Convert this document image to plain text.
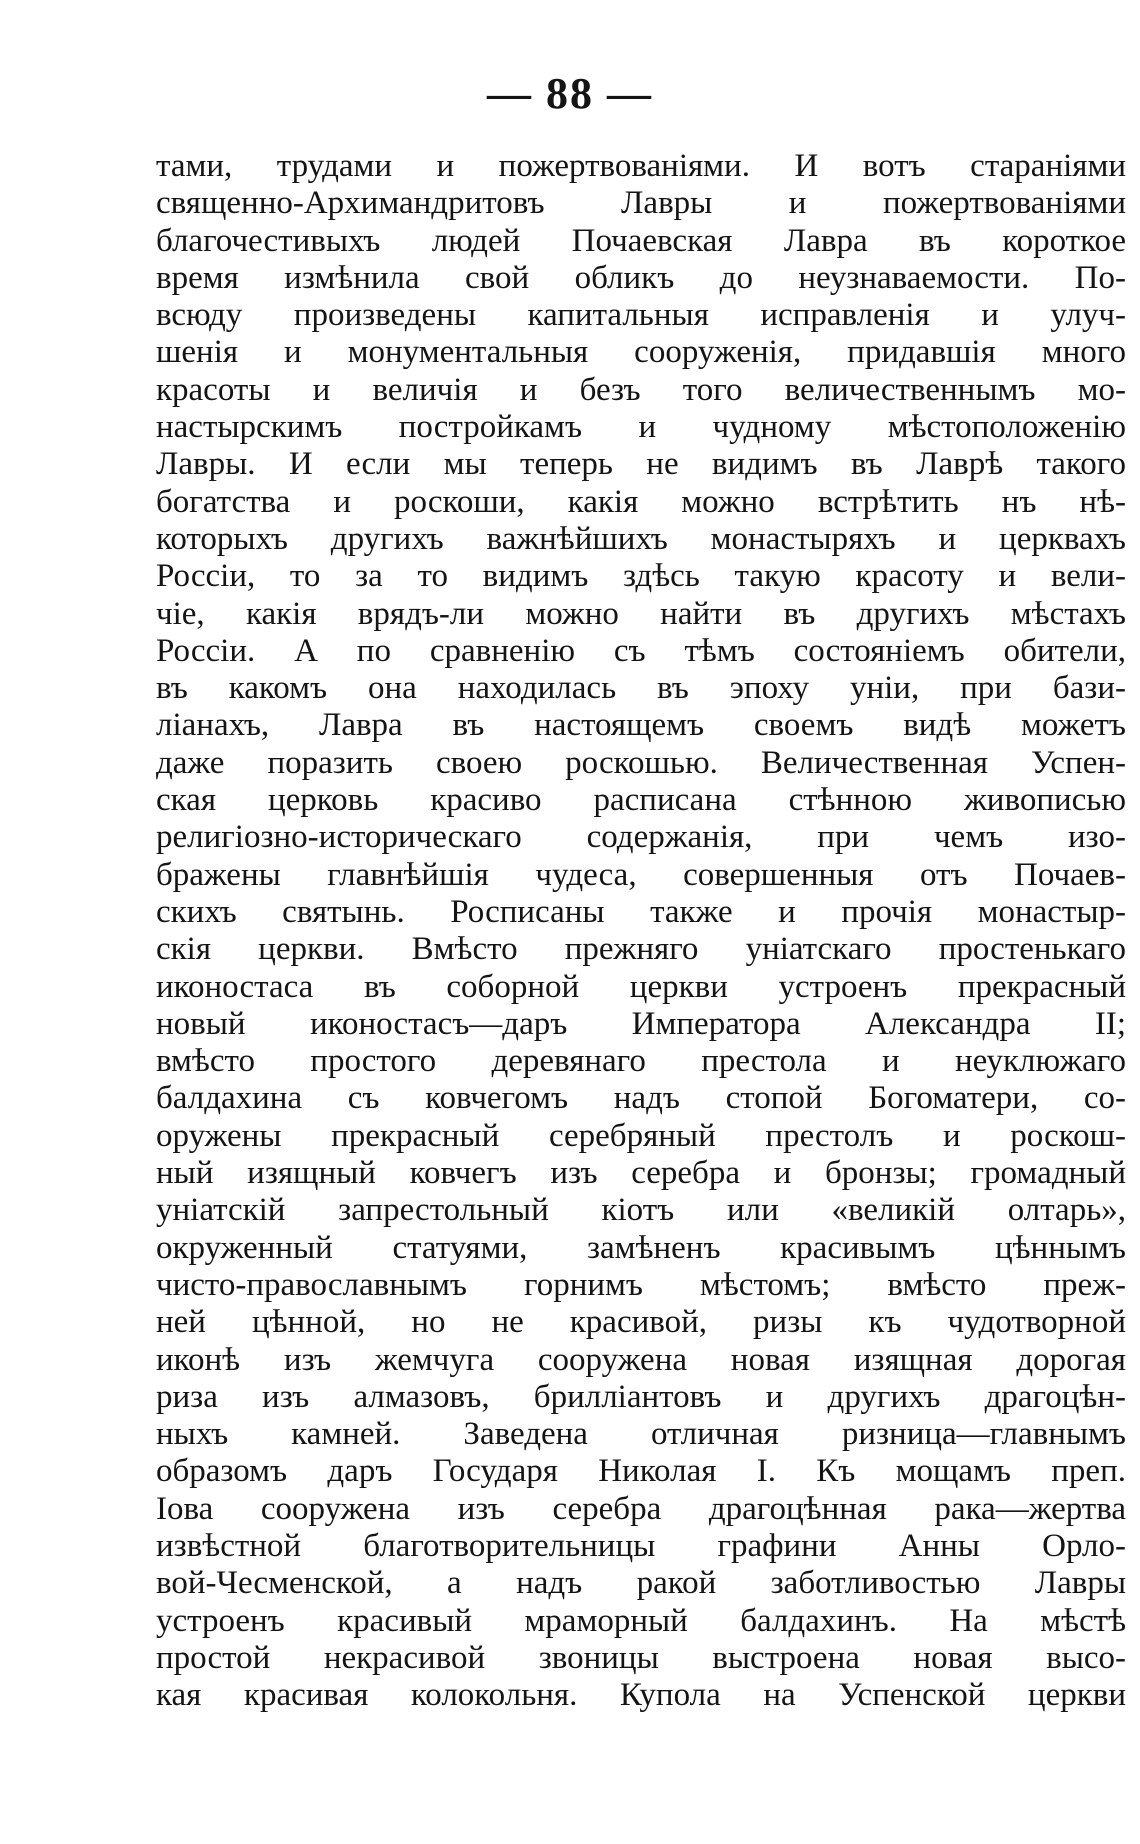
— 88 —
тами, трудами и пожертвованіями. И вотъ стараніями
священно-Архимандритовъ Лавры и пожертвованіями
благочестивыхъ людей Почаевская Лавра въ короткое
время измѣнила свой обликъ до неузнаваемости. По-
всюду произведены капитальныя исправленія и улуч-
шенія и монументальныя сооруженія, придавшія много
красоты и величія и безъ того величественнымъ мо-
настырскимъ постройкамъ и чудному мѣстоположенію
Лавры. И если мы теперь не видимъ въ Лаврѣ такого
богатства и роскоши, какія можно встрѣтить нъ нѣ-
которыхъ другихъ важнѣйшихъ монастыряхъ и церквахъ
Россіи, то за то видимъ здѣсь такую красоту и вели-
чіе, какія врядъ-ли можно найти въ другихъ мѣстахъ
Россіи. А по сравненію съ тѣмъ состояніемъ обители,
въ какомъ она находилась въ эпоху уніи, при бази-
ліанахъ, Лавра въ настоящемъ своемъ видѣ можетъ
даже поразить своею роскошью. Величественная Успен-
ская церковь красиво расписана стѣнною живописью
религіозно-историческаго содержанія, при чемъ изо-
бражены главнѣйшія чудеса, совершенныя отъ Почаев-
скихъ святынь. Росписаны также и прочія монастыр-
скія церкви. Вмѣсто прежняго уніатскаго простенькаго
иконостаса въ соборной церкви устроенъ прекрасный
новый иконостасъ—даръ Императора Александра II;
вмѣсто простого деревянаго престола и неуклюжаго
балдахина съ ковчегомъ надъ стопой Богоматери, со-
оружены прекрасный серебряный престолъ и роскош-
ный изящный ковчегъ изъ серебра и бронзы; громадный
уніатскій запрестольный кіотъ или «великій олтарь»,
окруженный статуями, замѣненъ красивымъ цѣннымъ
чисто-православнымъ горнимъ мѣстомъ; вмѣсто преж-
ней цѣнной, но не красивой, ризы къ чудотворной
иконѣ изъ жемчуга сооружена новая изящная дорогая
риза изъ алмазовъ, бриллiантовъ и другихъ драгоцѣн-
ныхъ камней. Заведена отличная ризница—главнымъ
образомъ даръ Государя Николая I. Къ мощамъ преп.
Іова сооружена изъ серебра драгоцѣнная рака—жертва
извѣстной благотворительницы графини Анны Орло-
вой-Чесменской, а надъ ракой заботливостью Лавры
устроенъ красивый мраморный балдахинъ. На мѣстѣ
простой некрасивой звоницы выстроена новая высо-
кая красивая колокольня. Купола на Успенской церкви
